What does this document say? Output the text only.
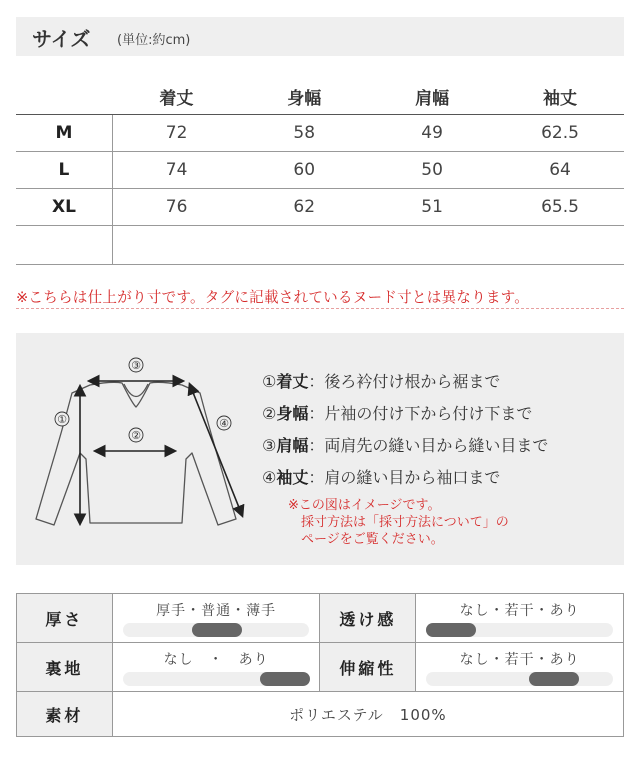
サイズ (単位:約cm)
	着丈	身幅	肩幅	袖丈
M	72	58	49	62.5
L	74	60	50	64
XL	76	62	51	65.5

※こちらは仕上がり寸です。タグに記載されているヌード寸とは異なります。
③
②
①	④
①着丈：後ろ衿付け根から裾まで
②身幅：片袖の付け下から付け下まで
③肩幅：両肩先の縫い目から縫い目まで
④袖丈：肩の縫い目から袖口まで
※この図はイメージです。
採寸方法は「採寸方法について」の
ページをご覧ください。
厚さ	厚手・普通・薄手	透け感	なし・若干・あり

裏地	なし　・　あり	伸縮性	なし・若干・あり

素材	ポリエステル　100%		
